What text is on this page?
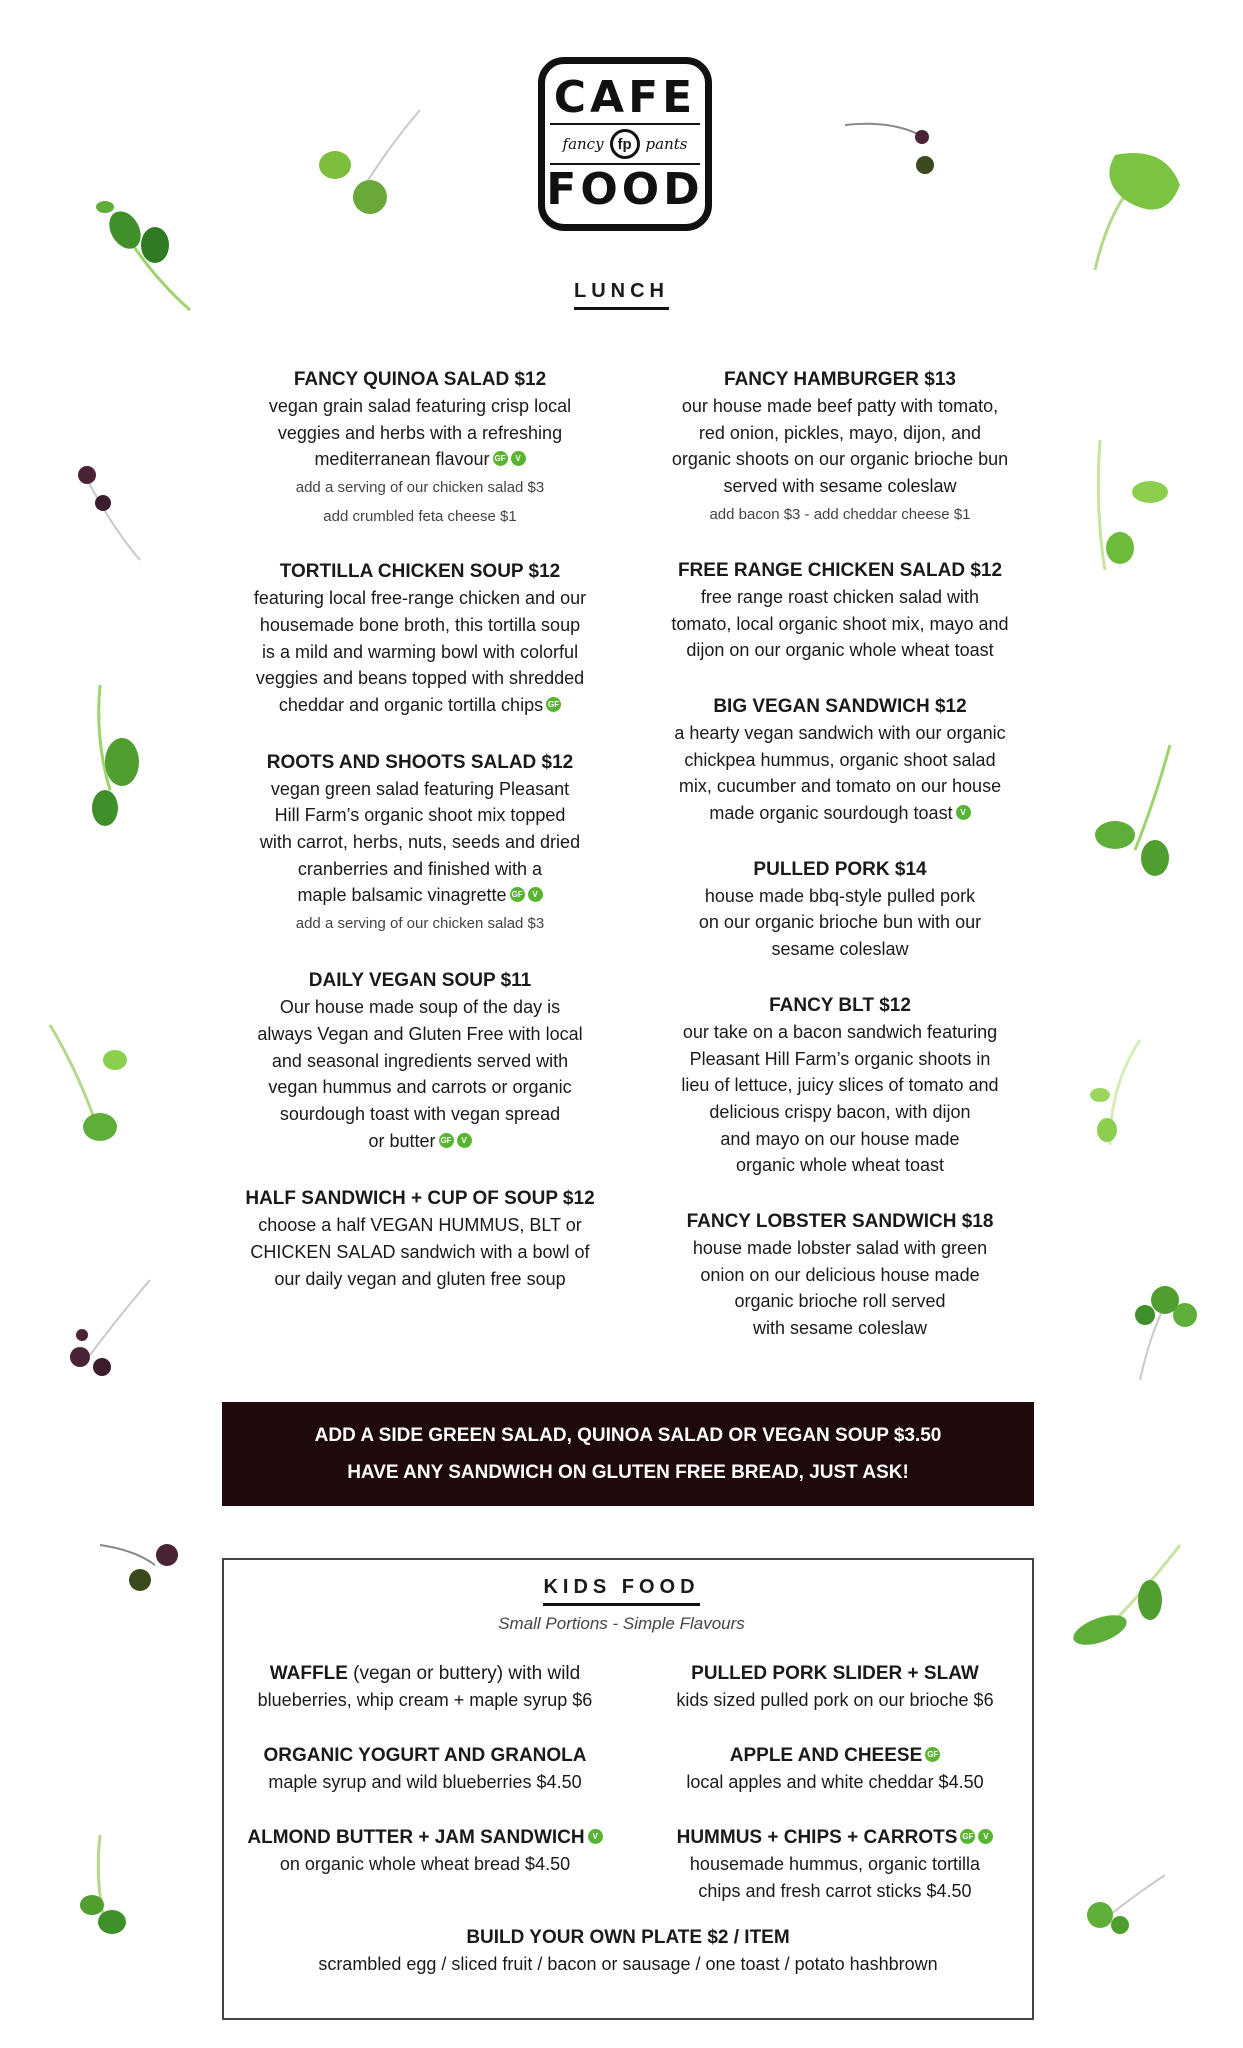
CAFE
fancy fp pants
FOOD
LUNCH
FANCY QUINOA SALAD $12
vegan grain salad featuring crisp local
veggies and herbs with a refreshing
mediterranean flavour GF V
add a serving of our chicken salad $3
add crumbled feta cheese $1
TORTILLA CHICKEN SOUP $12
featuring local free-range chicken and our
housemade bone broth, this tortilla soup
is a mild and warming bowl with colorful
veggies and beans topped with shredded
cheddar and organic tortilla chips GF
ROOTS AND SHOOTS SALAD $12
vegan green salad featuring Pleasant
Hill Farm’s organic shoot mix topped
with carrot, herbs, nuts, seeds and dried
cranberries and finished with a
maple balsamic vinagrette GF V
add a serving of our chicken salad $3
DAILY VEGAN SOUP $11
Our house made soup of the day is
always Vegan and Gluten Free with local
and seasonal ingredients served with
vegan hummus and carrots or organic
sourdough toast with vegan spread
or butter GF V
HALF SANDWICH + CUP OF SOUP $12
choose a half VEGAN HUMMUS, BLT or
CHICKEN SALAD sandwich with a bowl of
our daily vegan and gluten free soup
FANCY HAMBURGER $13
our house made beef patty with tomato,
red onion, pickles, mayo, dijon, and
organic shoots on our organic brioche bun
served with sesame coleslaw
add bacon $3 - add cheddar cheese $1
FREE RANGE CHICKEN SALAD $12
free range roast chicken salad with
tomato, local organic shoot mix, mayo and
dijon on our organic whole wheat toast
BIG VEGAN SANDWICH $12
a hearty vegan sandwich with our organic
chickpea hummus, organic shoot salad
mix, cucumber and tomato on our house
made organic sourdough toast V
PULLED PORK $14
house made bbq-style pulled pork
on our organic brioche bun with our
sesame coleslaw
FANCY BLT $12
our take on a bacon sandwich featuring
Pleasant Hill Farm’s organic shoots in
lieu of lettuce, juicy slices of tomato and
delicious crispy bacon, with dijon
and mayo on our house made
organic whole wheat toast
FANCY LOBSTER SANDWICH $18
house made lobster salad with green
onion on our delicious house made
organic brioche roll served
with sesame coleslaw
ADD A SIDE GREEN SALAD, QUINOA SALAD OR VEGAN SOUP $3.50
HAVE ANY SANDWICH ON GLUTEN FREE BREAD, JUST ASK!
KIDS FOOD
Small Portions - Simple Flavours
WAFFLE (vegan or buttery) with wild
blueberries, whip cream + maple syrup $6
ORGANIC YOGURT AND GRANOLA
maple syrup and wild blueberries $4.50
ALMOND BUTTER + JAM SANDWICH V
on organic whole wheat bread $4.50
PULLED PORK SLIDER + SLAW
kids sized pulled pork on our brioche $6
APPLE AND CHEESE GF
local apples and white cheddar $4.50
HUMMUS + CHIPS + CARROTS GF V
housemade hummus, organic tortilla
chips and fresh carrot sticks $4.50
BUILD YOUR OWN PLATE $2 / ITEM
scrambled egg / sliced fruit / bacon or sausage / one toast / potato hashbrown
